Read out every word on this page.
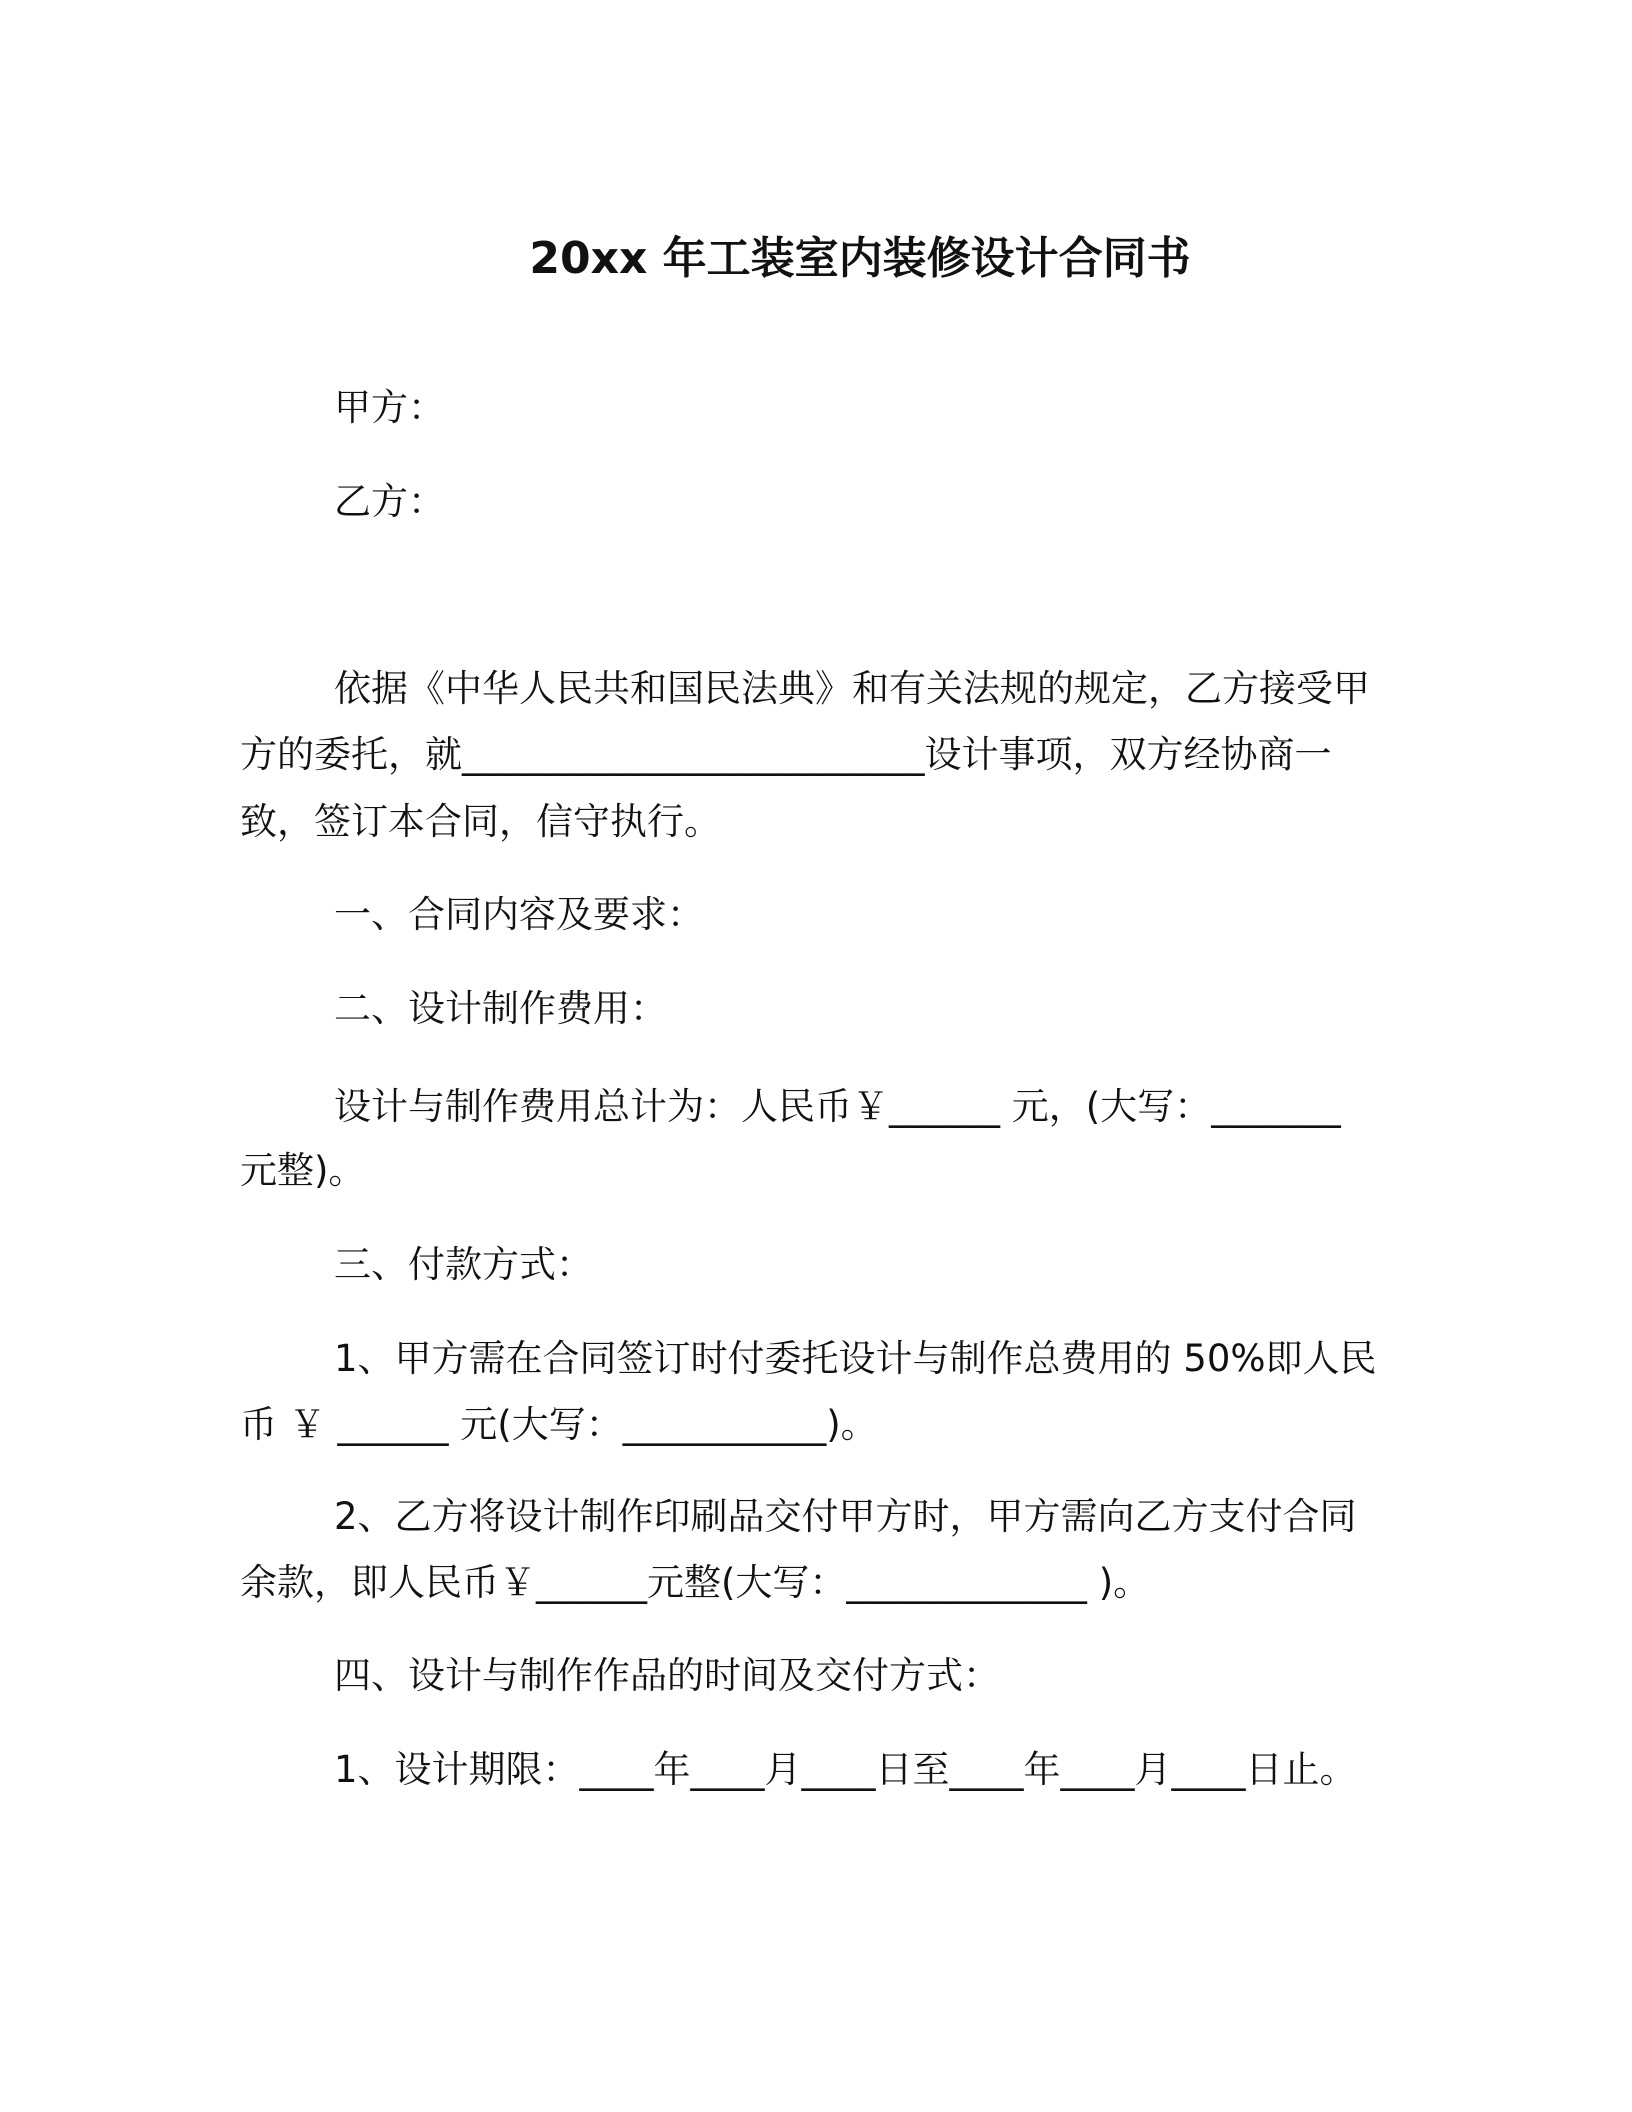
20xx 年工装室内装修设计合同书
甲方：
乙方：
依据《中华人民共和国民法典》和有关法规的规定，乙方接受甲
方的委托，就_________________________设计事项，双方经协商一
致，签订本合同，信守执行。
一、合同内容及要求：
二、设计制作费用：
设计与制作费用总计为：人民币￥______ 元，(大写：_______
元整)。
三、付款方式：
1、甲方需在合同签订时付委托设计与制作总费用的 50%即人民
币 ￥ ______ 元(大写：___________)。
2、乙方将设计制作印刷品交付甲方时，甲方需向乙方支付合同
余款，即人民币￥______元整(大写：_____________ )。
四、设计与制作作品的时间及交付方式：
1、设计期限：____年____月____日至____年____月____日止。
